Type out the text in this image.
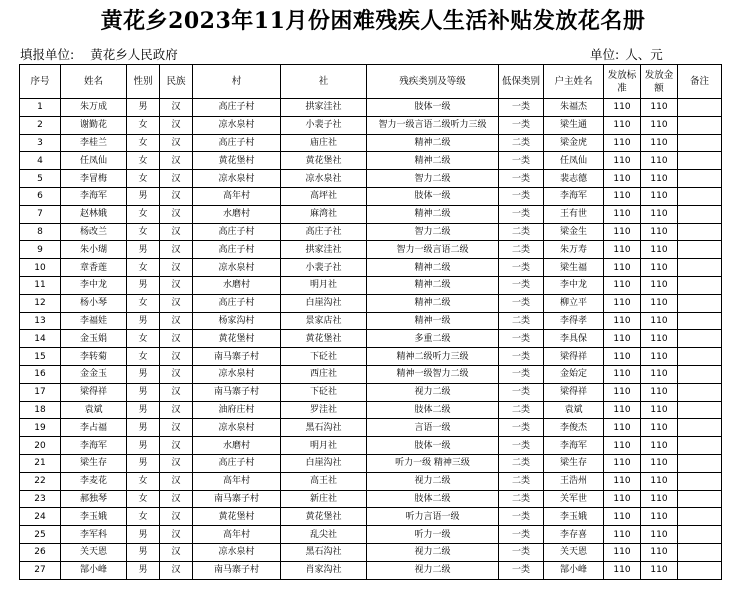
黄花乡2023年11月份困难残疾人生活补贴发放花名册
填报单位: 黄花乡人民政府	单位: 人、元
序号	姓名	性别	民族	村	社	残疾类别及等级	低保类别	户主姓名	发放标准	发放金额	备注
1	朱万成	男	汉	高庄子村	拱家洼社	肢体一级	一类	朱福杰	110	110	
2	谢勤花	女	汉	凉水泉村	小裴子社	智力一级言语二级听力三级	一类	梁生通	110	110	
3	李桂兰	女	汉	高庄子村	庙庄社	精神二级	二类	梁金虎	110	110	
4	任凤仙	女	汉	黄花堡村	黄花堡社	精神二级	一类	任凤仙	110	110	
5	李冒梅	女	汉	凉水泉村	凉水泉社	智力二级	一类	裴志德	110	110	
6	李海军	男	汉	高年村	高坪社	肢体一级	一类	李海军	110	110	
7	赵林娥	女	汉	水磨村	麻湾社	精神二级	一类	王有世	110	110	
8	杨改兰	女	汉	高庄子村	高庄子社	智力二级	二类	梁金生	110	110	
9	朱小瑚	男	汉	高庄子村	拱家洼社	智力一级言语二级	二类	朱万寿	110	110	
10	章香莲	女	汉	凉水泉村	小裴子社	精神二级	一类	梁生福	110	110	
11	李中龙	男	汉	水磨村	明月社	精神二级	一类	李中龙	110	110	
12	杨小琴	女	汉	高庄子村	白崖沟社	精神二级	一类	柳立平	110	110	
13	李福娃	男	汉	杨家沟村	景家店社	精神一级	二类	李得孝	110	110	
14	金玉娟	女	汉	黄花堡村	黄花堡社	多重二级	一类	李具保	110	110	
15	李转菊	女	汉	南马寨子村	下砭社	精神二级听力三级	一类	梁得祥	110	110	
16	金金玉	男	汉	凉水泉村	西庄社	精神一级智力二级	一类	金始定	110	110	
17	梁得祥	男	汉	南马寨子村	下砭社	视力二级	一类	梁得祥	110	110	
18	袁斌	男	汉	油府庄村	罗洼社	肢体二级	二类	袁斌	110	110	
19	李占福	男	汉	凉水泉村	黑石沟社	言语一级	一类	李俊杰	110	110	
20	李海军	男	汉	水磨村	明月社	肢体一级	一类	李海军	110	110	
21	梁生存	男	汉	高庄子村	白崖沟社	听力一级 精神三级	二类	梁生存	110	110	
22	李麦花	女	汉	高年村	高王社	视力二级	二类	王浩州	110	110	
23	郝独琴	女	汉	南马寨子村	新庄社	肢体二级	二类	关军世	110	110	
24	李玉娥	女	汉	黄花堡村	黄花堡社	听力言语一级	一类	李玉娥	110	110	
25	李军科	男	汉	高年村	乱尖社	听力一级	一类	李存喜	110	110	
26	关天恩	男	汉	凉水泉村	黑石沟社	视力二级	一类	关天恩	110	110	
27	郜小峰	男	汉	南马寨子村	肖家沟社	视力二级	一类	郜小峰	110	110	
